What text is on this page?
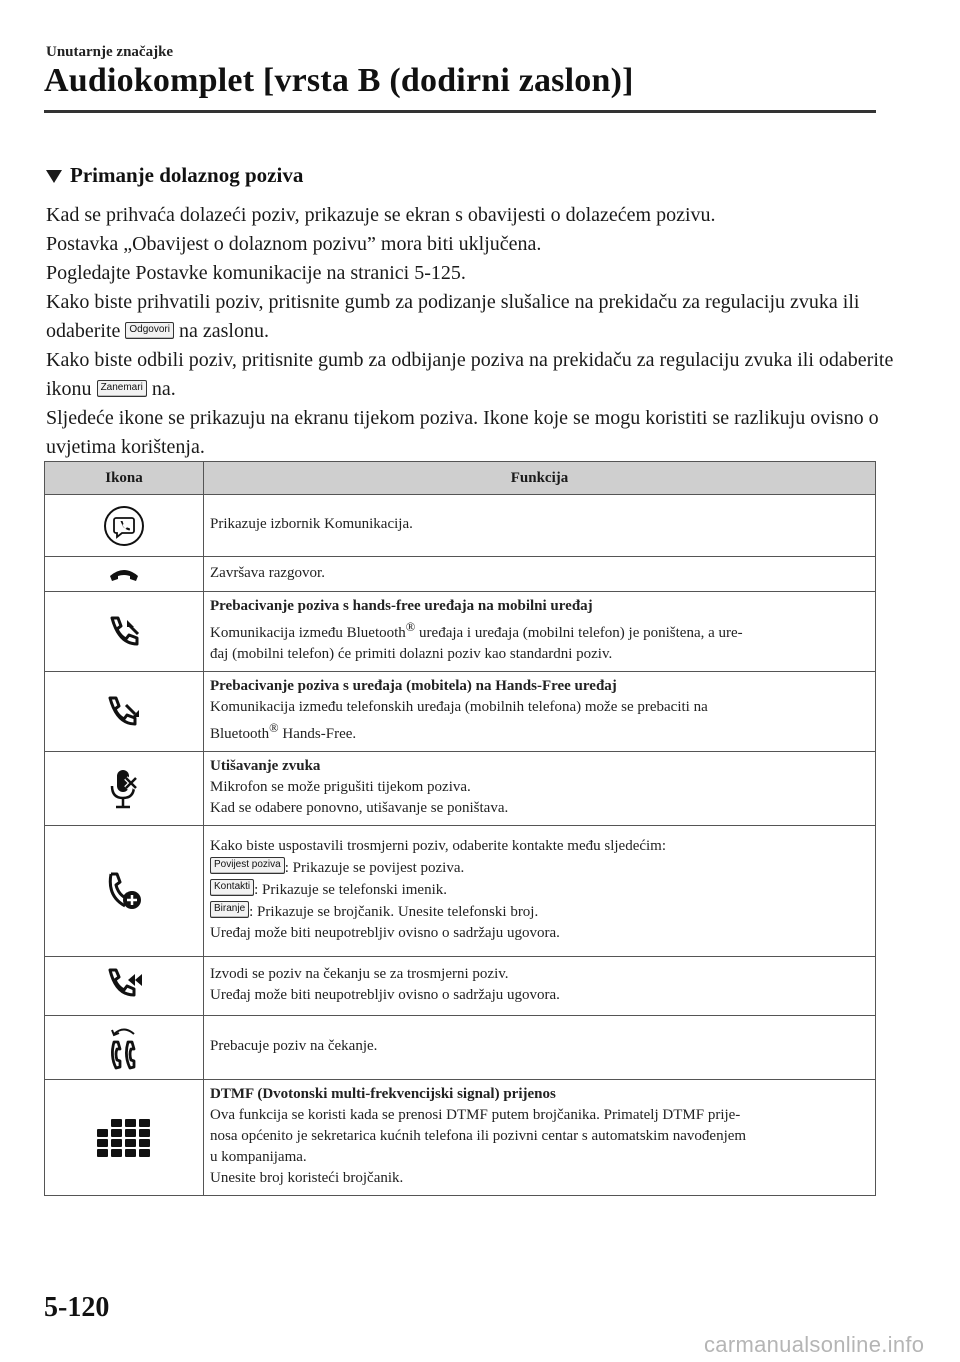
Unutarnje značajke
Audiokomplet [vrsta B (dodirni zaslon)]
Primanje dolaznog poziva

Kad se prihvaća dolazeći poziv, prikazuje se ekran s obavijesti o dolazećem pozivu.

Postavka „Obavijest o dolaznom pozivu” mora biti uključena.

Pogledajte Postavke komunikacije na stranici 5-125.

Kako biste prihvatili poziv, pritisnite gumb za podizanje slušalice na prekidaču za regulaciju zvuka ili odaberite Odgovori na zaslonu.

Kako biste odbili poziv, pritisnite gumb za odbijanje poziva na prekidaču za regulaciju zvuka ili odaberite ikonu Zanemari na.

Sljedeće ikone se prikazuju na ekranu tijekom poziva. Ikone koje se mogu koristiti se razlikuju ovisno o uvjetima korištenja.

Ikona	Funkcija

	Prikazuje izbornik Komunikacija.

	Završava razgovor.

Prebacivanje poziva s hands-free uređaja na mobilni uređaj
Komunikacija između Bluetooth® uređaja i uređaja (mobilni telefon) je poništena, a ure-
đaj (mobilni telefon) će primiti dolazni poziv kao standardni poziv.

Prebacivanje poziva s uređaja (mobitela) na Hands-Free uređaj
Komunikacija između telefonskih uređaja (mobilnih telefona) može se prebaciti na
Bluetooth® Hands-Free.

Utišavanje zvuka
Mikrofon se može prigušiti tijekom poziva.
Kad se odabere ponovno, utišavanje se poništava.

Kako biste uspostavili trosmjerni poziv, odaberite kontakte među sljedećim:
Povijest poziva : Prikazuje se povijest poziva.
Kontakti : Prikazuje se telefonski imenik.
Biranje : Prikazuje se brojčanik. Unesite telefonski broj.
Uređaj može biti neupotrebljiv ovisno o sadržaju ugovora.

Izvodi se poziv na čekanju se za trosmjerni poziv.
Uređaj može biti neupotrebljiv ovisno o sadržaju ugovora.

	Prebacuje poziv na čekanje.

DTMF (Dvotonski multi-frekvencijski signal) prijenos
Ova funkcija se koristi kada se prenosi DTMF putem brojčanika. Primatelj DTMF prije-
nosa općenito je sekretarica kućnih telefona ili pozivni centar s automatskim navođenjem
u kompanijama.
Unesite broj koristeći brojčanik.
5-120
carmanualsonline.info
